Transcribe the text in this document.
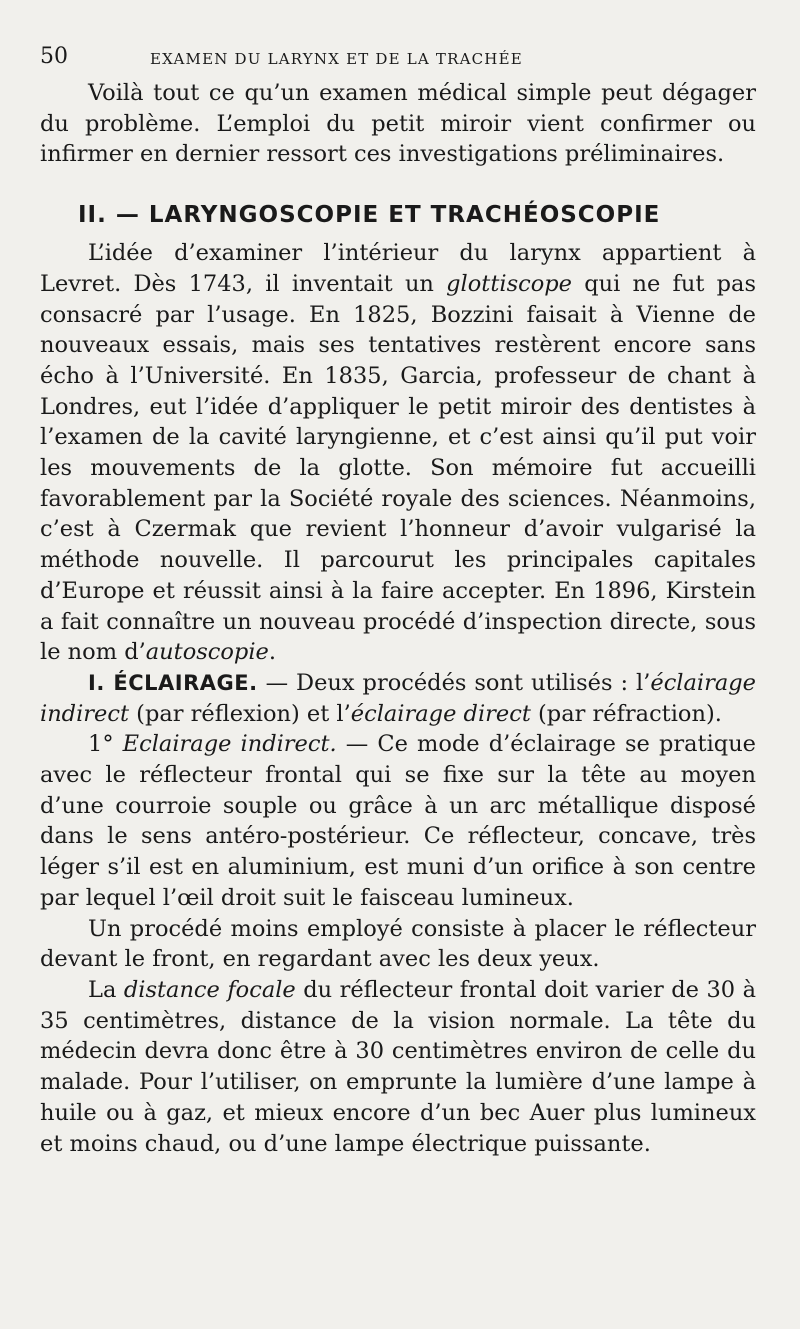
50	EXAMEN DU LARYNX ET DE LA TRACHÉE

Voilà tout ce qu’un examen médical simple peut dégager du problème. L’emploi du petit miroir vient confirmer ou infirmer en dernier ressort ces investigations préliminaires.

II. — LARYNGOSCOPIE ET TRACHÉOSCOPIE

L’idée d’examiner l’intérieur du larynx appartient à Levret. Dès 1743, il inventait un glottiscope qui ne fut pas consacré par l’usage. En 1825, Bozzini faisait à Vienne de nouveaux essais, mais ses tentatives restèrent encore sans écho à l’Université. En 1835, Garcia, professeur de chant à Londres, eut l’idée d’appliquer le petit miroir des dentistes à l’examen de la cavité laryngienne, et c’est ainsi qu’il put voir les mouvements de la glotte. Son mémoire fut accueilli favorablement par la Société royale des sciences. Néanmoins, c’est à Czermak que revient l’honneur d’avoir vulgarisé la méthode nouvelle. Il parcourut les principales capitales d’Europe et réussit ainsi à la faire accepter. En 1896, Kirstein a fait connaître un nouveau procédé d’inspection directe, sous le nom d’autoscopie.

I. ÉCLAIRAGE. — Deux procédés sont utilisés : l’éclairage indirect (par réflexion) et l’éclairage direct (par réfraction).

1° Eclairage indirect. — Ce mode d’éclairage se pratique avec le réflecteur frontal qui se fixe sur la tête au moyen d’une courroie souple ou grâce à un arc métallique disposé dans le sens antéro-postérieur. Ce réflecteur, concave, très léger s’il est en aluminium, est muni d’un orifice à son centre par lequel l’œil droit suit le faisceau lumineux.

Un procédé moins employé consiste à placer le réflecteur devant le front, en regardant avec les deux yeux.

La distance focale du réflecteur frontal doit varier de 30 à 35 centimètres, distance de la vision normale. La tête du médecin devra donc être à 30 centimètres environ de celle du malade. Pour l’utiliser, on emprunte la lumière d’une lampe à huile ou à gaz, et mieux encore d’un bec Auer plus lumineux et moins chaud, ou d’une lampe électrique puissante.
